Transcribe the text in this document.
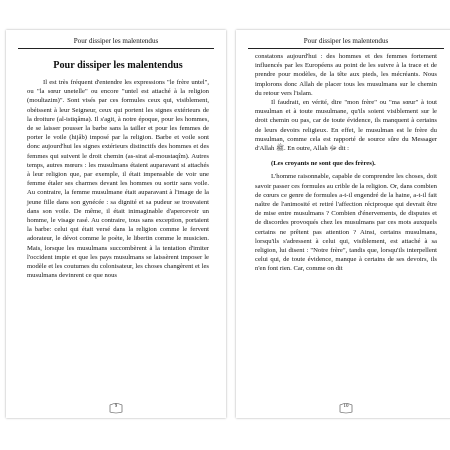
Pour dissiper les malentendus
Pour dissiper les malentendus

Il est très fréquent d'entendre les expressions "le frère untel", ou "la sœur unetelle" ou encore "untel est attaché à la religion (moultazim)". Sont visés par ces formules ceux qui, visiblement, obéissent à leur Seigneur, ceux qui portent les signes extérieurs de la droiture (al-istiqâma). Il s'agit, à notre époque, pour les hommes, de se laisser pousser la barbe sans la tailler et pour les femmes de porter le voile (hijâb) imposé par la religion. Barbe et voile sont donc aujourd'hui les signes extérieurs distinctifs des hommes et des femmes qui suivent le droit chemin (as-sirat al-moustaqîm). Autres temps, autres mœurs : les musulmans étaient auparavant si attachés à leur religion que, par exemple, il était impensable de voir une femme étaler ses charmes devant les hommes ou sortir sans voile. Au contraire, la femme musulmane était auparavant à l'image de la jeune fille dans son gynécée : sa dignité et sa pudeur se trouvaient dans son voile. De même, il était inimaginable d'apercevoir un homme, le visage rasé. Au contraire, tous sans exception, portaient la barbe: celui qui était versé dans la religion comme le fervent adorateur, le dévot comme le poète, le libertin comme le musicien. Mais, lorsque les musulmans succombèrent à la tentation d'imiter l'occident impie et que les pays musulmans se laissèrent imposer le modèle et les coutumes du colonisateur, les choses changèrent et les musulmans devinrent ce que nous

9
Pour dissiper les malentendus

constatons aujourd'hui : des hommes et des femmes fortement influencés par les Européens au point de les suivre à la trace et de prendre pour modèles, de la tête aux pieds, les mécréants. Nous implorons donc Allah de placer tous les musulmans sur le chemin du retour vers l'islam.

Il faudrait, en vérité, dire "mon frère" ou "ma sœur" à tout musulman et à toute musulmane, qu'ils soient visiblement sur le droit chemin ou pas, car de toute évidence, ils manquent à certains de leurs devoirs religieux. En effet, le musulman est le frère du musulman, comme cela est rapporté de source sûre du Messager d'Allah ﷺ. En outre, Allah ﷻ dit :

(Les croyants ne sont que des frères).

L'homme raisonnable, capable de comprendre les choses, doit savoir passer ces formules au crible de la religion. Or, dans combien de cœurs ce genre de formules a-t-il engendré de la haine, a-t-il fait naître de l'animosité et retiré l'affection réciproque qui devrait être de mise entre musulmans ? Combien d'énervements, de disputes et de discordes provoqués chez les musulmans par ces mots auxquels certains ne prêtent pas attention ? Ainsi, certains musulmans, lorsqu'ils s'adressent à celui qui, visiblement, est attaché à sa religion, lui disent : "Notre frère", tandis que, lorsqu'ils interpellent celui qui, de toute évidence, manque à certains de ses devoirs, ils n'en font rien. Car, comme on dit

10
